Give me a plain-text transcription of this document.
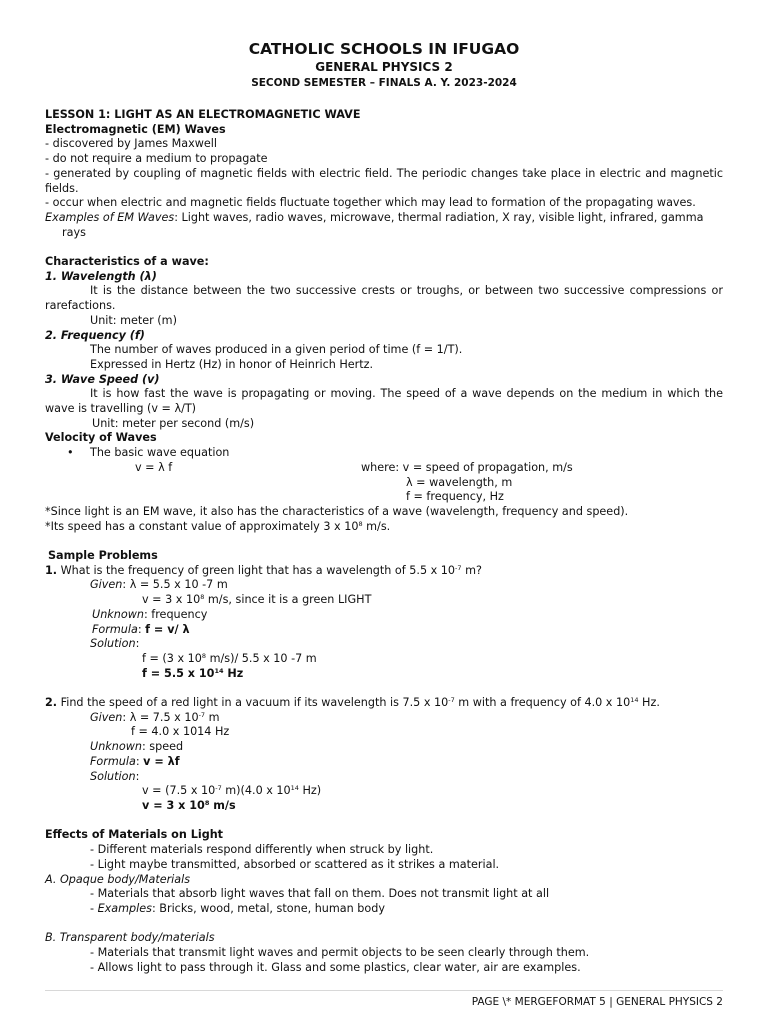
CATHOLIC SCHOOLS IN IFUGAO
GENERAL PHYSICS 2
SECOND SEMESTER – FINALS A. Y. 2023-2024
LESSON 1: LIGHT AS AN ELECTROMAGNETIC WAVE
Electromagnetic (EM) Waves
- discovered by James Maxwell
- do not require a medium to propagate
- generated by coupling of magnetic fields with electric field. The periodic changes take place in electric and magnetic fields.
- occur when electric and magnetic fields fluctuate together which may lead to formation of the propagating waves.
Examples of EM Waves: Light waves, radio waves, microwave, thermal radiation, X ray, visible light, infrared, gamma
rays
Characteristics of a wave:
1. Wavelength (λ)
It is the distance between the two successive crests or troughs, or between two successive compressions or rarefactions.
Unit: meter (m)
2. Frequency (f)
The number of waves produced in a given period of time (f = 1/T).
Expressed in Hertz (Hz) in honor of Heinrich Hertz.
3. Wave Speed (v)
It is how fast the wave is propagating or moving. The speed of a wave depends on the medium in which the wave is travelling (v = λ/T)
Unit: meter per second (m/s)
Velocity of Waves
•	The basic wave equation
v = λ f	where: v = speed of propagation, m/s
λ = wavelength, m
f = frequency, Hz
*Since light is an EM wave, it also has the characteristics of a wave (wavelength, frequency and speed).
*Its speed has a constant value of approximately 3 x $10^8$ m/s.
Sample Problems
1. What is the frequency of green light that has a wavelength of 5.5 x $10^{-7}$ m?
Given: λ = 5.5 x 10 -7 m
v = 3 x $10^8$ m/s, since it is a green LIGHT
Unknown: frequency
Formula: f = v/ λ
Solution:
f = (3 x $10^8$ m/s)/ 5.5 x 10 -7 m
f = 5.5 x $10^{14}$ Hz
2. Find the speed of a red light in a vacuum if its wavelength is 7.5 x $10^{-7}$ m with a frequency of 4.0 x $10^{14}$ Hz.
Given: λ = 7.5 x $10^{-7}$ m
f = 4.0 x 1014 Hz
Unknown: speed
Formula: v = λf
Solution:
v = (7.5 x $10^{-7}$ m)(4.0 x $10^{14}$ Hz)
v = 3 x $10^8$ m/s
Effects of Materials on Light
- Different materials respond differently when struck by light.
- Light maybe transmitted, absorbed or scattered as it strikes a material.
A. Opaque body/Materials
- Materials that absorb light waves that fall on them. Does not transmit light at all
- Examples: Bricks, wood, metal, stone, human body
B. Transparent body/materials
- Materials that transmit light waves and permit objects to be seen clearly through them.
- Allows light to pass through it. Glass and some plastics, clear water, air are examples.
PAGE \* MERGEFORMAT 5 | GENERAL PHYSICS 2
